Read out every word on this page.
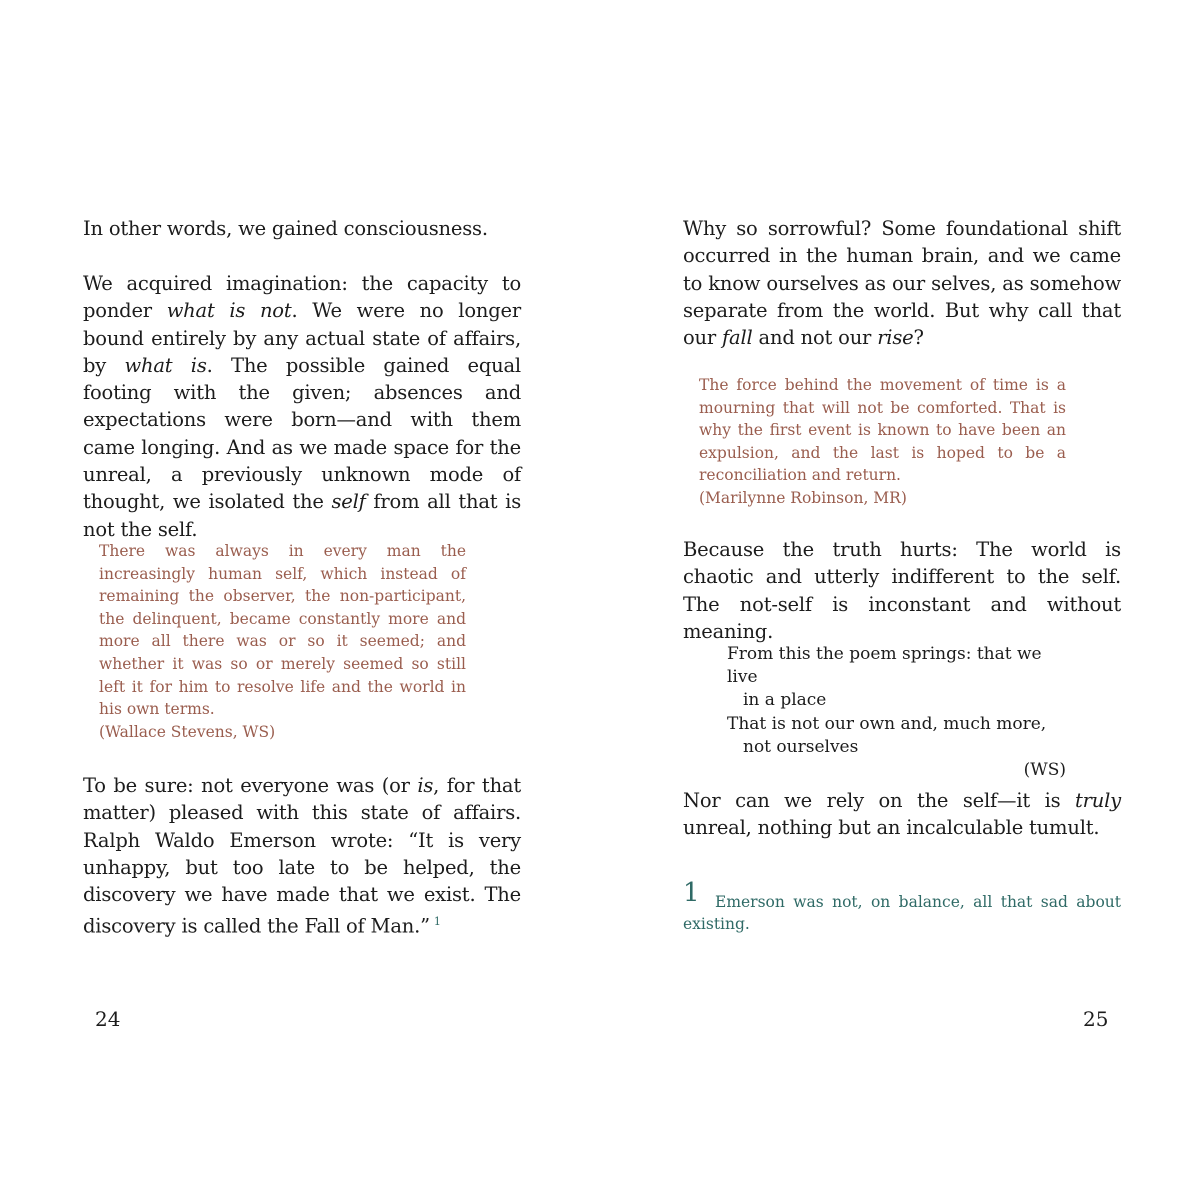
In other words, we gained consciousness.

We acquired imagination: the capacity to ponder what is not. We were no longer bound entirely by any actual state of affairs, by what is. The possible gained equal footing with the given; absences and expectations were born—and with them came longing. And as we made space for the unreal, a previously unknown mode of thought, we isolated the self from all that is not the self.

There was always in every man the increasingly human self, which instead of remaining the observer, the non-participant, the delinquent, became constantly more and more all there was or so it seemed; and whether it was so or merely seemed so still left it for him to resolve life and the world in his own terms.
(Wallace Stevens, WS)

To be sure: not everyone was (or is, for that matter) pleased with this state of affairs. Ralph Waldo Emerson wrote: “It is very unhappy, but too late to be helped, the discovery we have made that we exist. The discovery is called the Fall of Man.” $^1$

24

Why so sorrowful? Some foundational shift occurred in the human brain, and we came to know ourselves as our selves, as somehow separate from the world. But why call that our fall and not our rise?

The force behind the movement of time is a mourning that will not be comforted. That is why the first event is known to have been an expulsion, and the last is hoped to be a reconciliation and return.
(Marilynne Robinson, MR)

Because the truth hurts: The world is chaotic and utterly indifferent to the self. The not-self is inconstant and without meaning.

From this the poem springs: that we live
in a place
That is not our own and, much more,
not ourselves
(WS)

Nor can we rely on the self—it is truly unreal, nothing but an incalculable tumult.

1 Emerson was not, on balance, all that sad about existing.
25
